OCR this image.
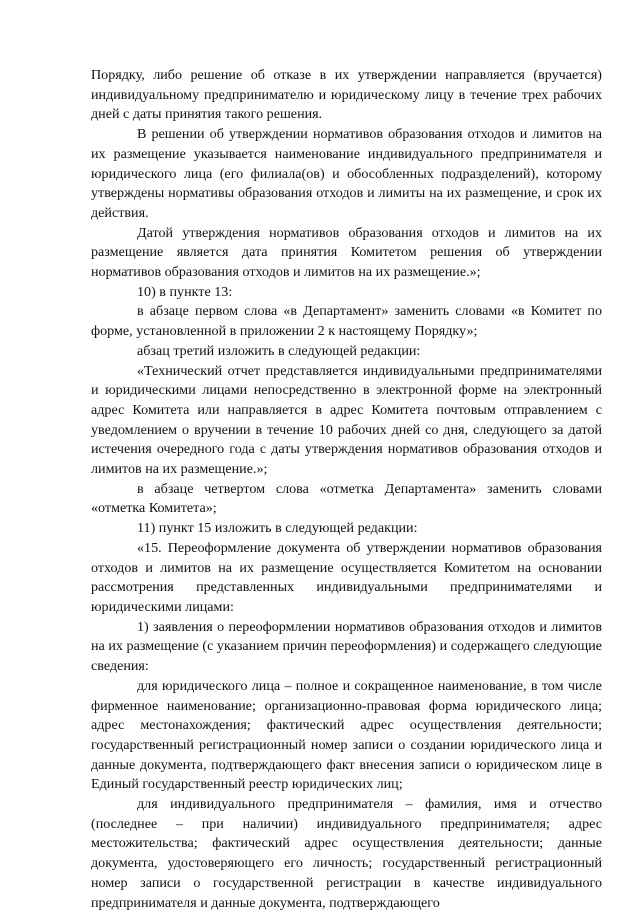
Порядку, либо решение об отказе в их утверждении направляется (вручается) индивидуальному предпринимателю и юридическому лицу в течение трех рабочих дней с даты принятия такого решения.

В решении об утверждении нормативов образования отходов и лимитов на их размещение указывается наименование индивидуального предпринимателя и юридического лица (его филиала(ов) и обособленных подразделений), которому утверждены нормативы образования отходов и лимиты на их размещение, и срок их действия.

Датой утверждения нормативов образования отходов и лимитов на их размещение является дата принятия Комитетом решения об утверждении нормативов образования отходов и лимитов на их размещение.»;

10) в пункте 13:

в абзаце первом слова «в Департамент» заменить словами «в Комитет по форме, установленной в приложении 2 к настоящему Порядку»;

абзац третий изложить в следующей редакции:

«Технический отчет представляется индивидуальными предпринимателями и юридическими лицами непосредственно в электронной форме на электронный адрес Комитета или направляется в адрес Комитета почтовым отправлением с уведомлением о вручении в течение 10 рабочих дней со дня, следующего за датой истечения очередного года с даты утверждения нормативов образования отходов и лимитов на их размещение.»;

в абзаце четвертом слова «отметка Департамента» заменить словами «отметка Комитета»;

11) пункт 15 изложить в следующей редакции:

«15. Переоформление документа об утверждении нормативов образования отходов и лимитов на их размещение осуществляется Комитетом на основании рассмотрения представленных индивидуальными предпринимателями и юридическими лицами:

1) заявления о переоформлении нормативов образования отходов и лимитов на их размещение (с указанием причин переоформления) и содержащего следующие сведения:

для юридического лица – полное и сокращенное наименование, в том числе фирменное наименование; организационно-правовая форма юридического лица; адрес местонахождения; фактический адрес осуществления деятельности; государственный регистрационный номер записи о создании юридического лица и данные документа, подтверждающего факт внесения записи о юридическом лице в Единый государственный реестр юридических лиц;

для индивидуального предпринимателя – фамилия, имя и отчество (последнее – при наличии) индивидуального предпринимателя; адрес местожительства; фактический адрес осуществления деятельности; данные документа, удостоверяющего его личность; государственный регистрационный номер записи о государственной регистрации в качестве индивидуального предпринимателя и данные документа, подтверждающего
